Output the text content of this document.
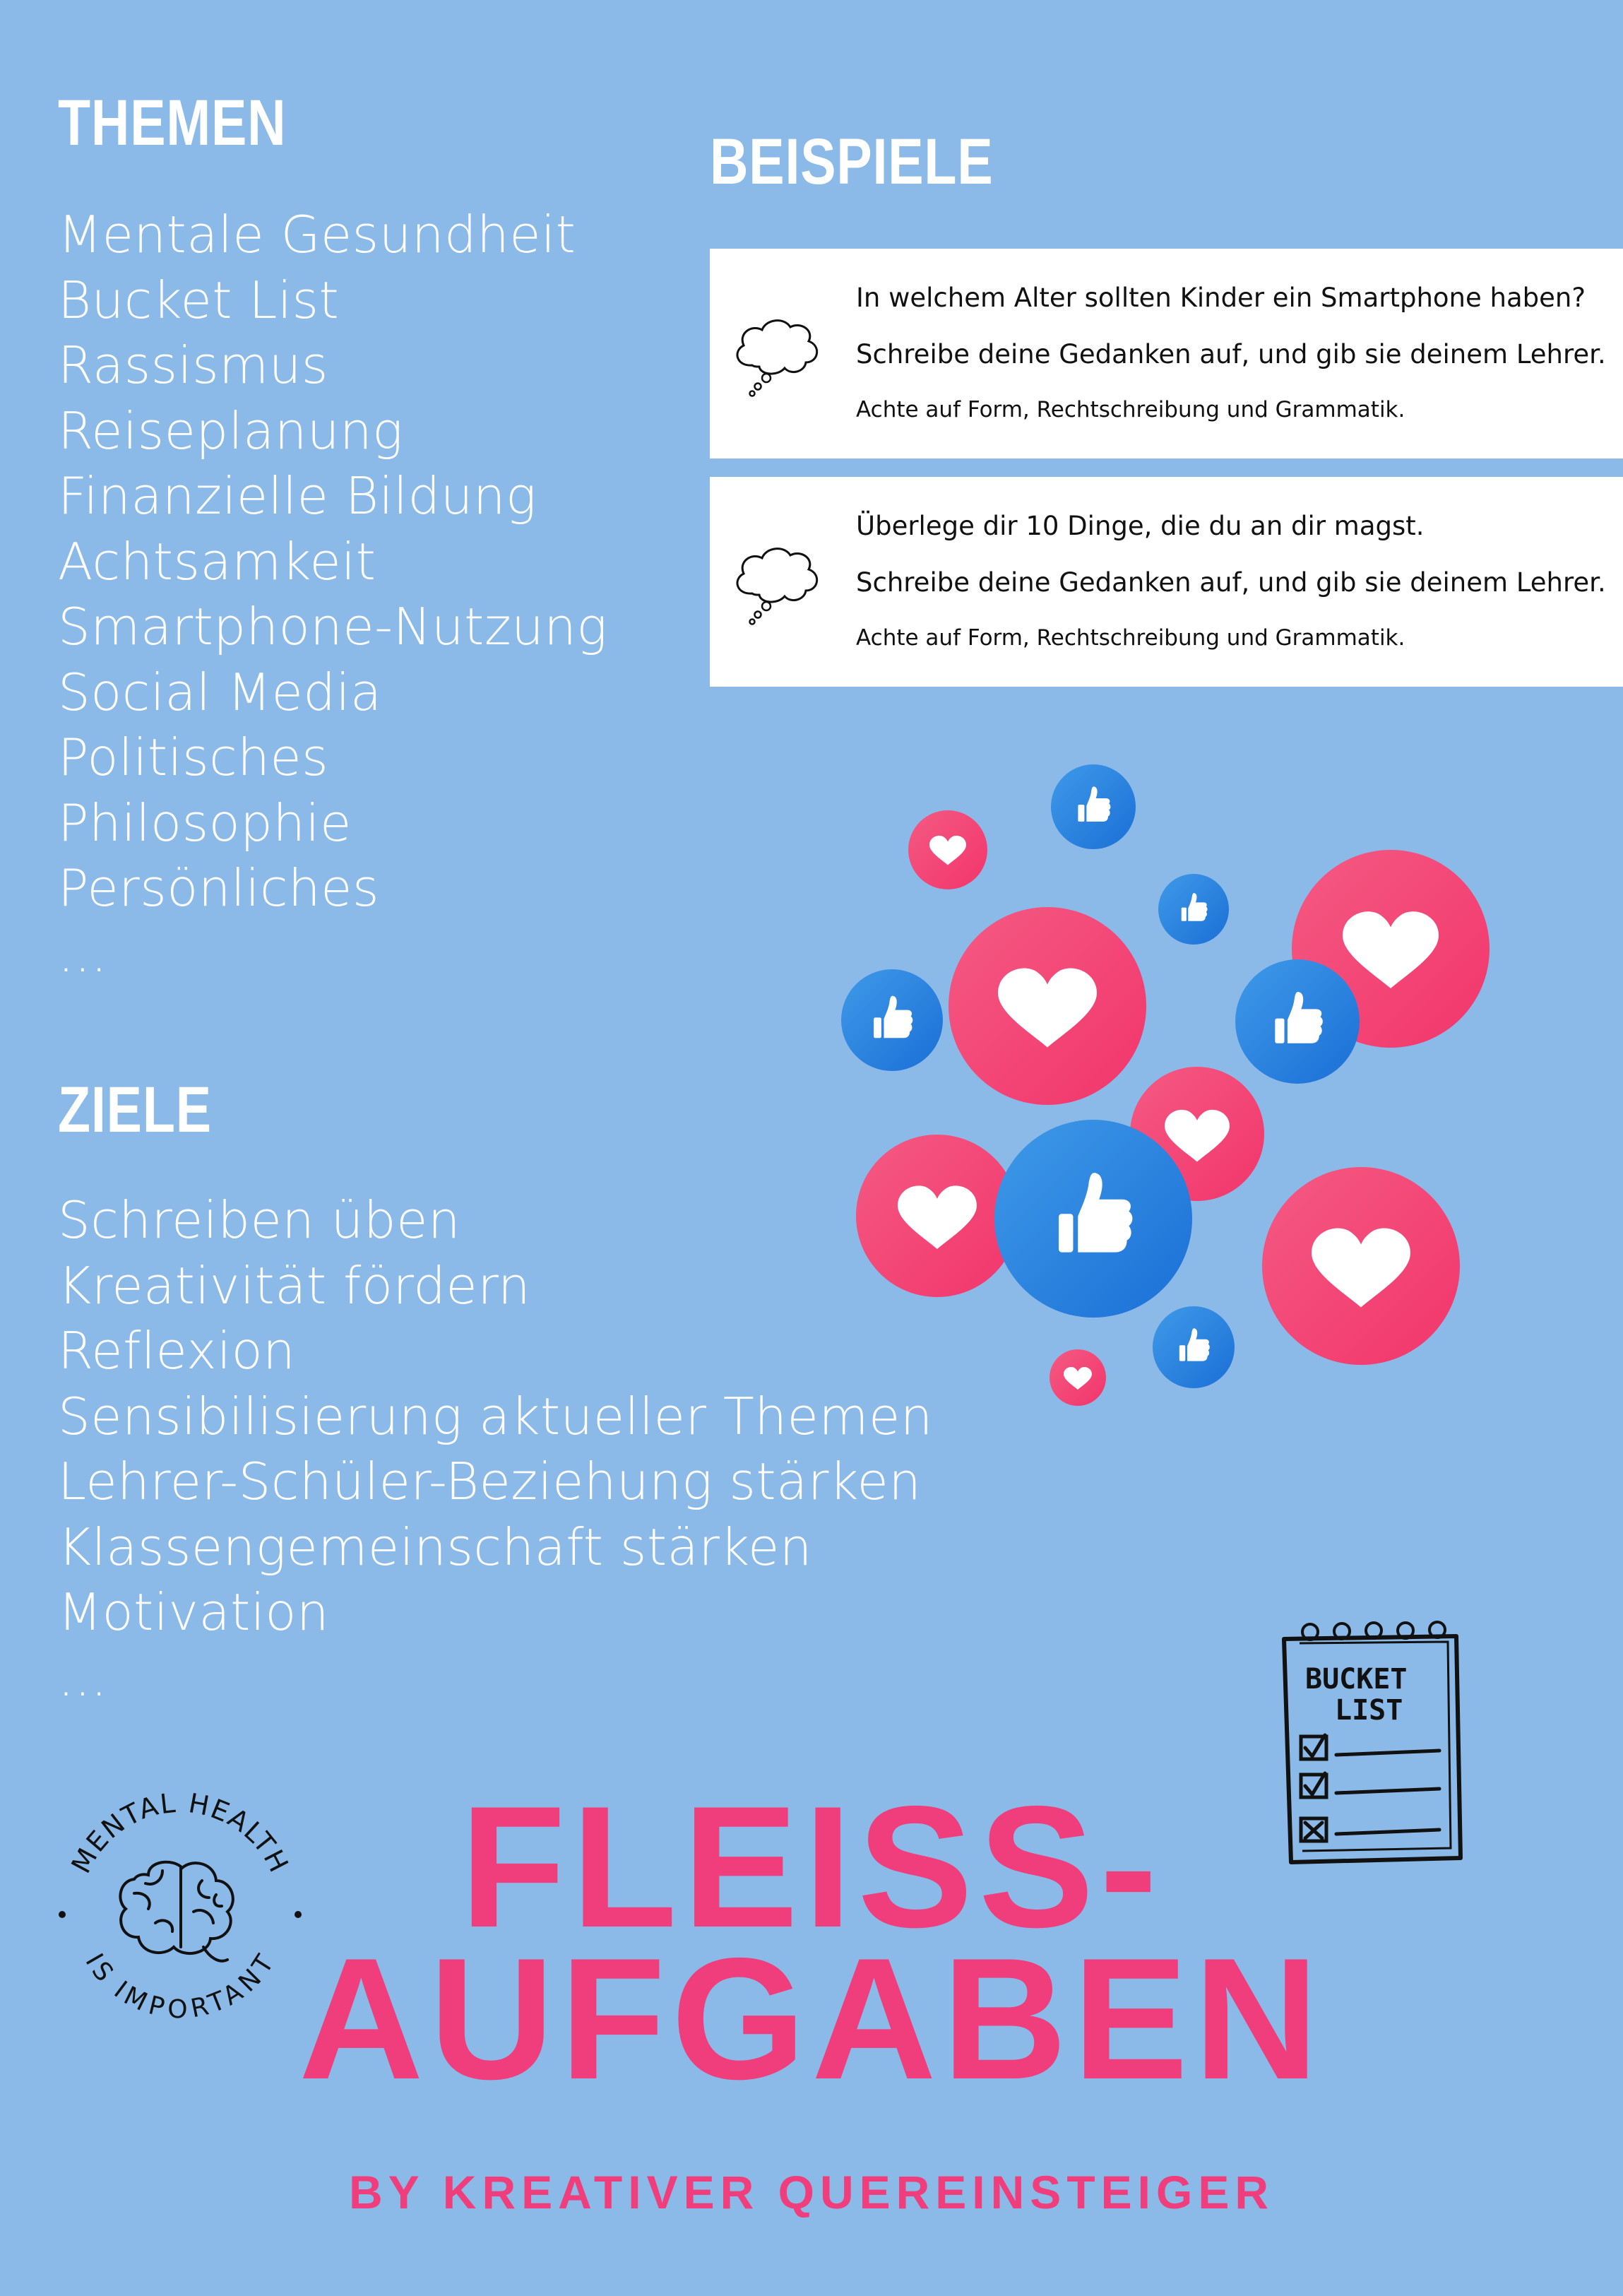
THEMEN
Mentale Gesundheit
Bucket List
Rassismus
Reiseplanung
Finanzielle Bildung
Achtsamkeit
Smartphone-Nutzung
Social Media
Politisches
Philosophie
Persönliches
...
BEISPIELE

In welchem Alter sollten Kinder ein Smartphone haben?

Schreibe deine Gedanken auf, und gib sie deinem Lehrer.

Achte auf Form, Rechtschreibung und Grammatik.

Überlege dir 10 Dinge, die du an dir magst.

Schreibe deine Gedanken auf, und gib sie deinem Lehrer.

Achte auf Form, Rechtschreibung und Grammatik.

ZIELE
Schreiben üben
Kreativität fördern
Reflexion
Sensibilisierung aktueller Themen
Lehrer-Schüler-Beziehung stärken
Klassengemeinschaft stärken
Motivation
...	BUCKET
LIST
MENTAL HEALTH
IS IMPORTANT
FLEISS-
AUFGABEN

BY KREATIVER QUEREINSTEIGER
